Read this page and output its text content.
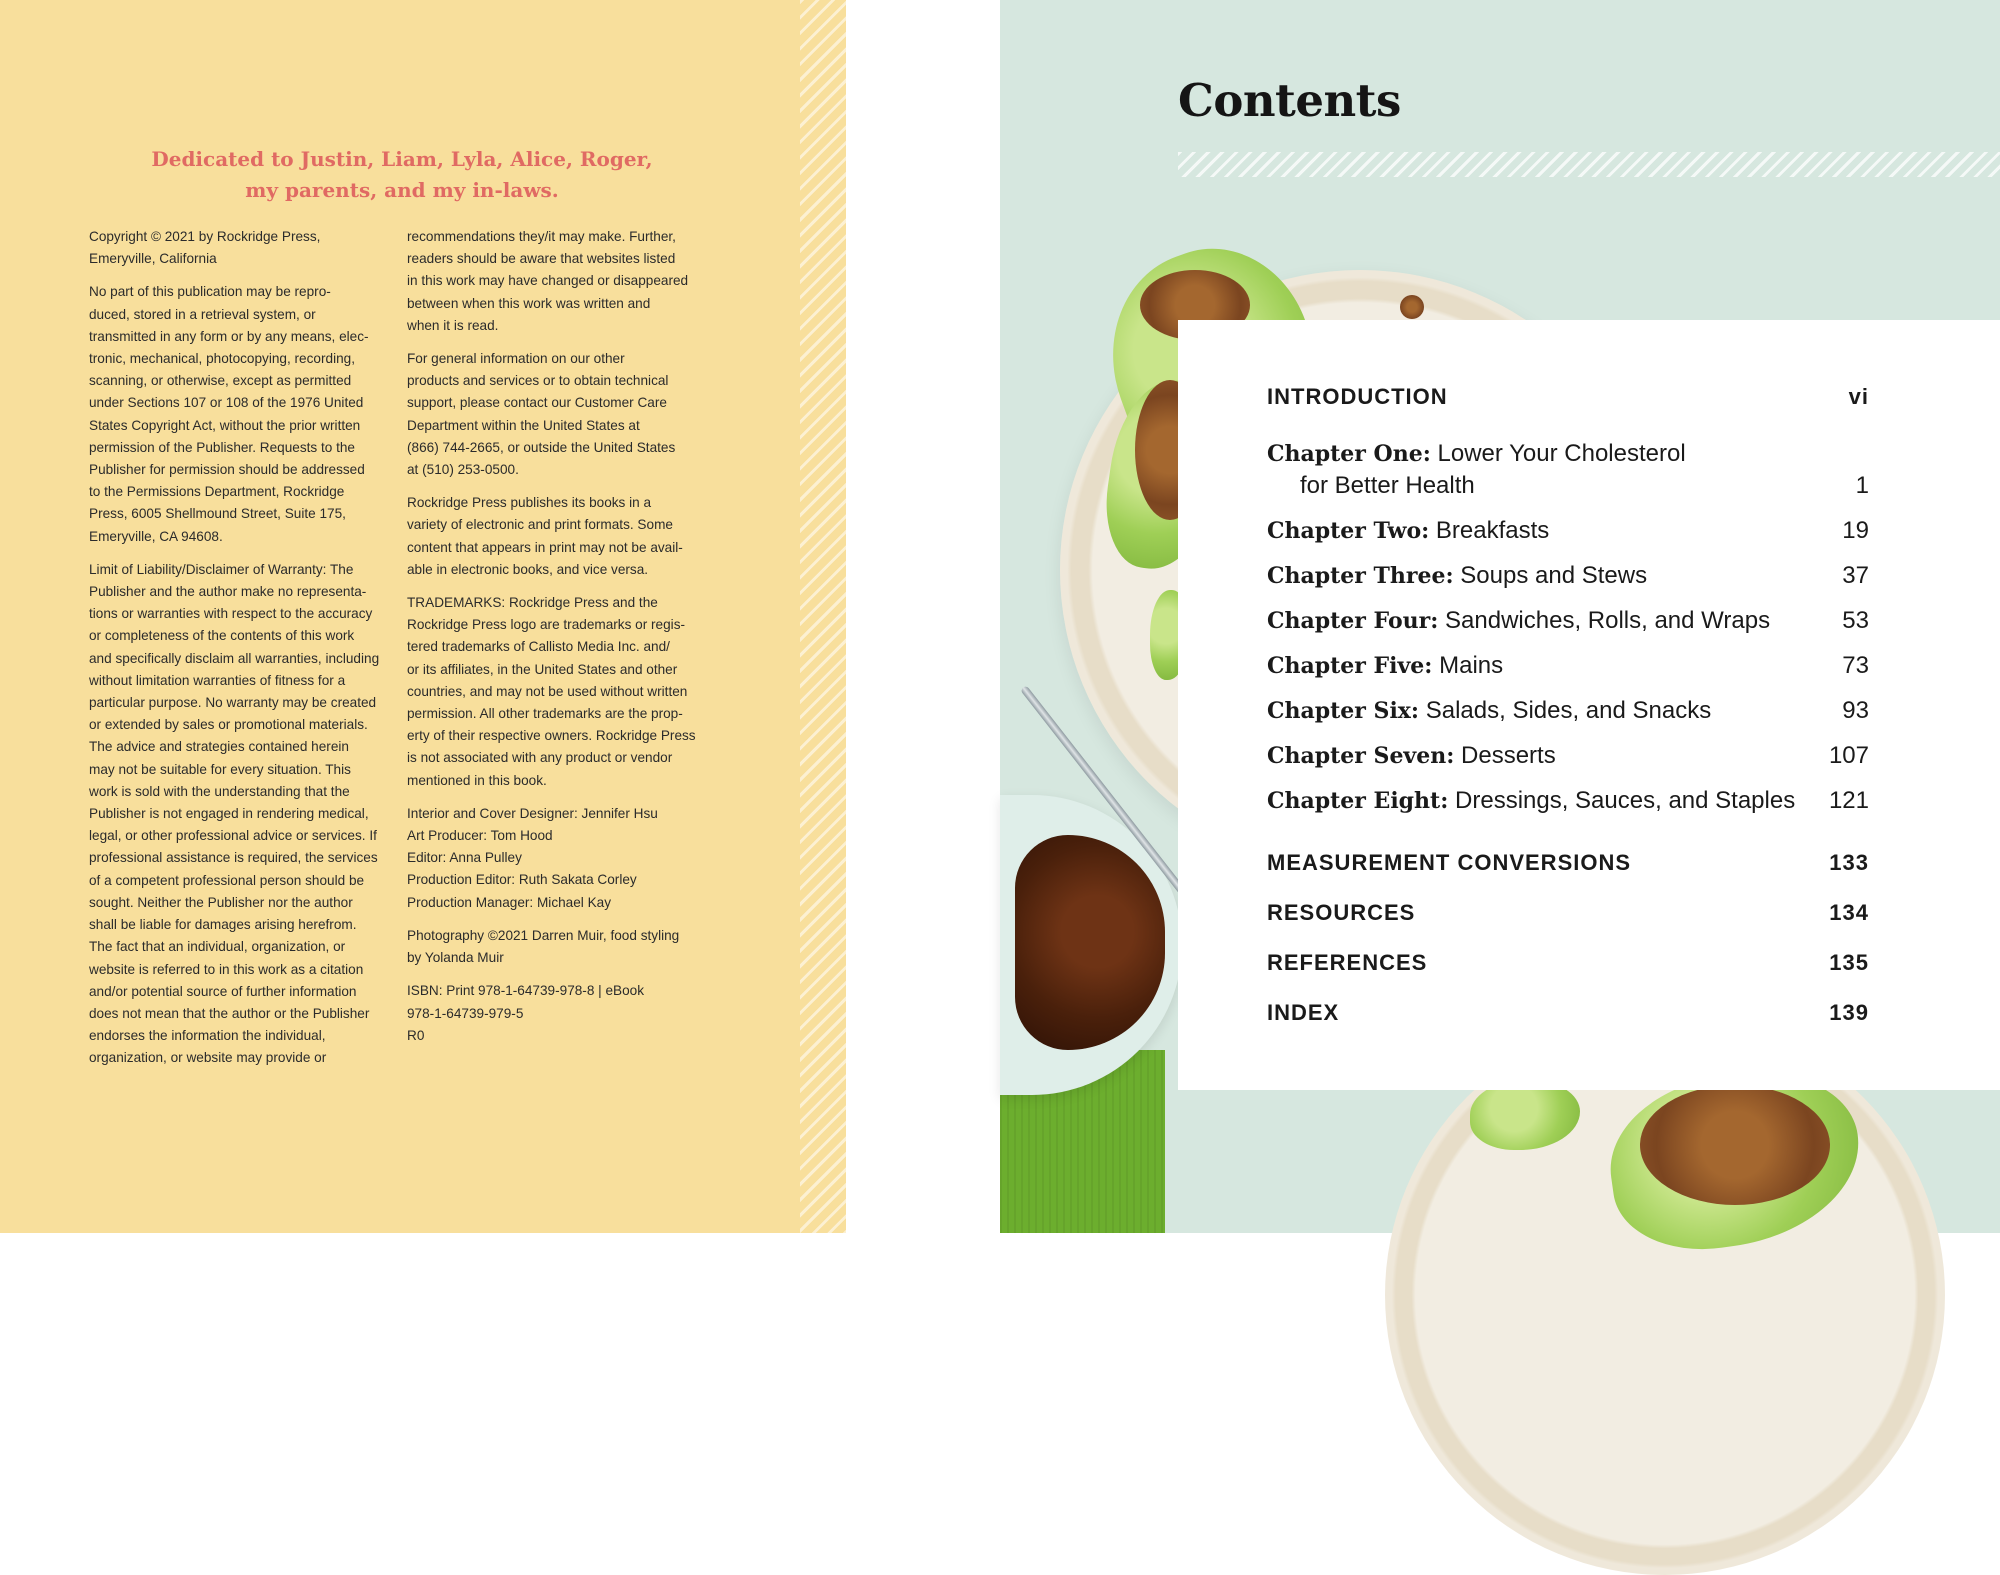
Dedicated to Justin, Liam, Lyla, Alice, Roger,
my parents, and my in-laws.

Copyright © 2021 by Rockridge Press,
Emeryville, California

No part of this publication may be repro-
duced, stored in a retrieval system, or
transmitted in any form or by any means, elec-
tronic, mechanical, photocopying, recording,
scanning, or otherwise, except as permitted
under Sections 107 or 108 of the 1976 United
States Copyright Act, without the prior written
permission of the Publisher. Requests to the
Publisher for permission should be addressed
to the Permissions Department, Rockridge
Press, 6005 Shellmound Street, Suite 175,
Emeryville, CA 94608.

Limit of Liability/Disclaimer of Warranty: The
Publisher and the author make no representa-
tions or warranties with respect to the accuracy
or completeness of the contents of this work
and specifically disclaim all warranties, including
without limitation warranties of fitness for a
particular purpose. No warranty may be created
or extended by sales or promotional materials.
The advice and strategies contained herein
may not be suitable for every situation. This
work is sold with the understanding that the
Publisher is not engaged in rendering medical,
legal, or other professional advice or services. If
professional assistance is required, the services
of a competent professional person should be
sought. Neither the Publisher nor the author
shall be liable for damages arising herefrom.
The fact that an individual, organization, or
website is referred to in this work as a citation
and/or potential source of further information
does not mean that the author or the Publisher
endorses the information the individual,
organization, or website may provide or

recommendations they/it may make. Further,
readers should be aware that websites listed
in this work may have changed or disappeared
between when this work was written and
when it is read.

For general information on our other
products and services or to obtain technical
support, please contact our Customer Care
Department within the United States at
(866) 744-2665, or outside the United States
at (510) 253-0500.

Rockridge Press publishes its books in a
variety of electronic and print formats. Some
content that appears in print may not be avail-
able in electronic books, and vice versa.

TRADEMARKS: Rockridge Press and the
Rockridge Press logo are trademarks or regis-
tered trademarks of Callisto Media Inc. and/
or its affiliates, in the United States and other
countries, and may not be used without written
permission. All other trademarks are the prop-
erty of their respective owners. Rockridge Press
is not associated with any product or vendor
mentioned in this book.

Interior and Cover Designer: Jennifer Hsu
Art Producer: Tom Hood
Editor: Anna Pulley
Production Editor: Ruth Sakata Corley
Production Manager: Michael Kay

Photography ©2021 Darren Muir, food styling
by Yolanda Muir

ISBN: Print 978-1-64739-978-8 | eBook
978-1-64739-979-5
R0

Contents
INTRODUCTION	vi
Chapter One: Lower Your Cholesterol
for Better Health	1
Chapter Two: Breakfasts	19
Chapter Three: Soups and Stews	37
Chapter Four: Sandwiches, Rolls, and Wraps	53
Chapter Five: Mains	73
Chapter Six: Salads, Sides, and Snacks	93
Chapter Seven: Desserts	107
Chapter Eight: Dressings, Sauces, and Staples 121
MEASUREMENT CONVERSIONS	133
RESOURCES	134
REFERENCES	135
INDEX	139
